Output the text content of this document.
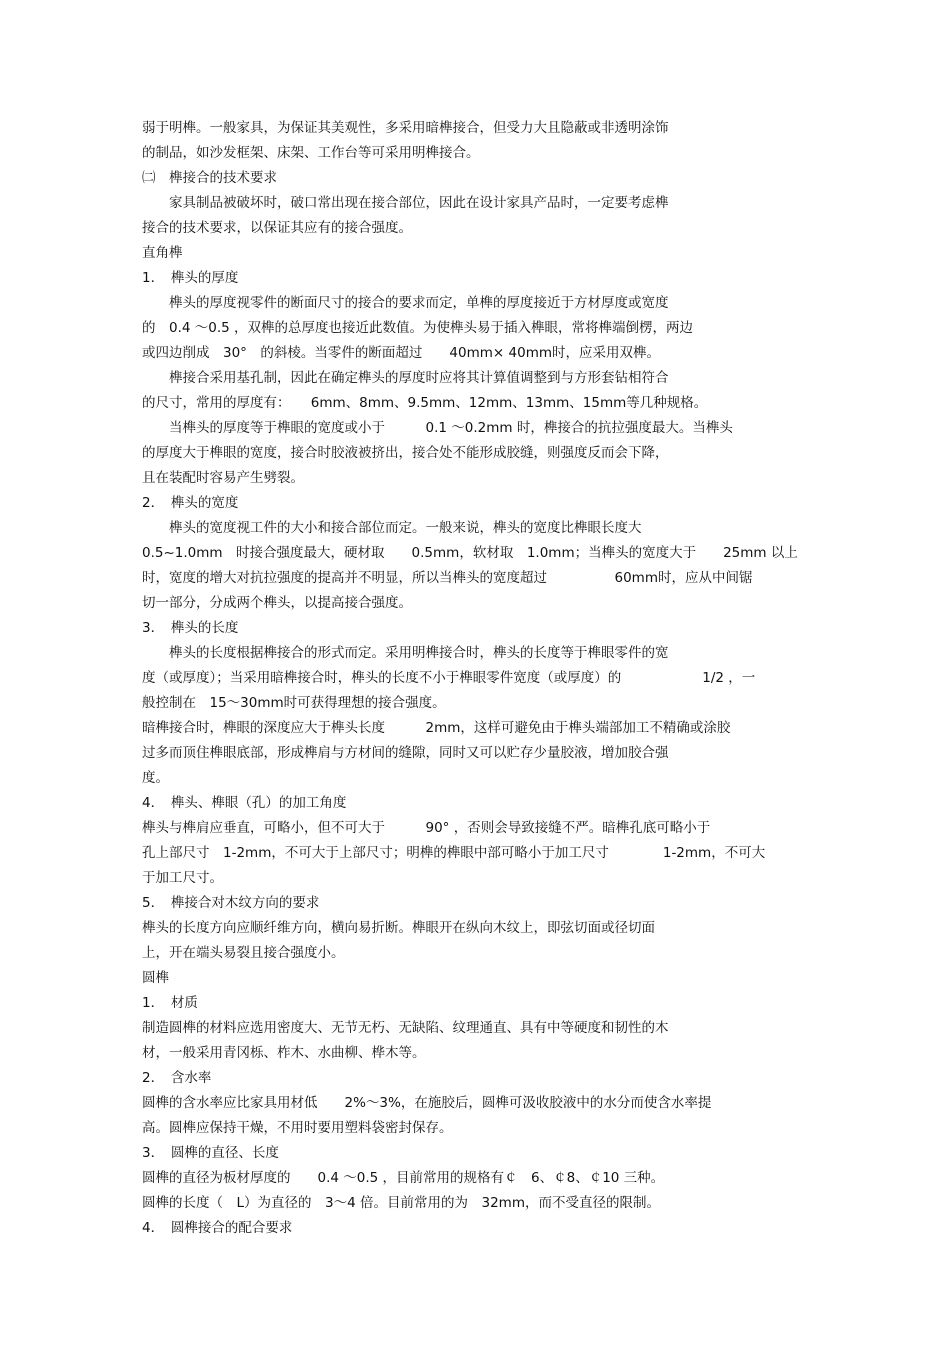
弱于明榫。一般家具，为保证其美观性，多采用暗榫接合，但受力大且隐蔽或非透明涂饰
的制品，如沙发框架、床架、工作台等可采用明榫接合。
㈡　榫接合的技术要求
　　家具制品被破坏时，破口常出现在接合部位，因此在设计家具产品时，一定要考虑榫
接合的技术要求，以保证其应有的接合强度。
直角榫
1．　榫头的厚度
　　榫头的厚度视零件的断面尺寸的接合的要求而定，单榫的厚度接近于方材厚度或宽度
的　0.4 ～0.5 ，双榫的总厚度也接近此数值。为使榫头易于插入榫眼，常将榫端倒楞，两边
或四边削成　30°　的斜棱。当零件的断面超过　　40mm× 40mm时，应采用双榫。
　　榫接合采用基孔制，因此在确定榫头的厚度时应将其计算值调整到与方形套钻相符合
的尺寸，常用的厚度有：　　6mm、8mm、9.5mm、12mm、13mm、15mm等几种规格。
　　当榫头的厚度等于榫眼的宽度或小于　　　0.1 ～0.2mm 时，榫接合的抗拉强度最大。当榫头
的厚度大于榫眼的宽度，接合时胶液被挤出，接合处不能形成胶缝，则强度反而会下降，
且在装配时容易产生劈裂。
2．　榫头的宽度
　　榫头的宽度视工件的大小和接合部位而定。一般来说，榫头的宽度比榫眼长度大
0.5~1.0mm　时接合强度最大，硬材取　　0.5mm，软材取　1.0mm；当榫头的宽度大于　　25mm 以上
时，宽度的增大对抗拉强度的提高并不明显，所以当榫头的宽度超过　　　　　60mm时，应从中间锯
切一部分，分成两个榫头，以提高接合强度。
3．　榫头的长度
　　榫头的长度根据榫接合的形式而定。采用明榫接合时，榫头的长度等于榫眼零件的宽
度（或厚度）；当采用暗榫接合时，榫头的长度不小于榫眼零件宽度（或厚度）的　　　　　　1/2 ，一
般控制在　15～30mm时可获得理想的接合强度。
暗榫接合时，榫眼的深度应大于榫头长度　　　2mm，这样可避免由于榫头端部加工不精确或涂胶
过多而顶住榫眼底部，形成榫肩与方材间的缝隙，同时又可以贮存少量胶液，增加胶合强
度。
4．　榫头、榫眼（孔）的加工角度
榫头与榫肩应垂直，可略小，但不可大于　　　90° ，否则会导致接缝不严。暗榫孔底可略小于
孔上部尺寸　1-2mm，不可大于上部尺寸；明榫的榫眼中部可略小于加工尺寸　　　　1-2mm，不可大
于加工尺寸。
5．　榫接合对木纹方向的要求
榫头的长度方向应顺纤维方向，横向易折断。榫眼开在纵向木纹上，即弦切面或径切面
上，开在端头易裂且接合强度小。
圆榫
1．　材质
制造圆榫的材料应选用密度大、无节无朽、无缺陷、纹理通直、具有中等硬度和韧性的木
材，一般采用青冈栎、柞木、水曲柳、桦木等。
2．　含水率
圆榫的含水率应比家具用材低　　2%～3%，在施胶后，圆榫可汲收胶液中的水分而使含水率提
高。圆榫应保持干燥，不用时要用塑料袋密封保存。
3．　圆榫的直径、长度
圆榫的直径为板材厚度的　　0.4 ～0.5 ，目前常用的规格有￠　6、￠8、￠10 三种。
圆榫的长度（　L）为直径的　3～4 倍。目前常用的为　32mm，而不受直径的限制。
4．　圆榫接合的配合要求
